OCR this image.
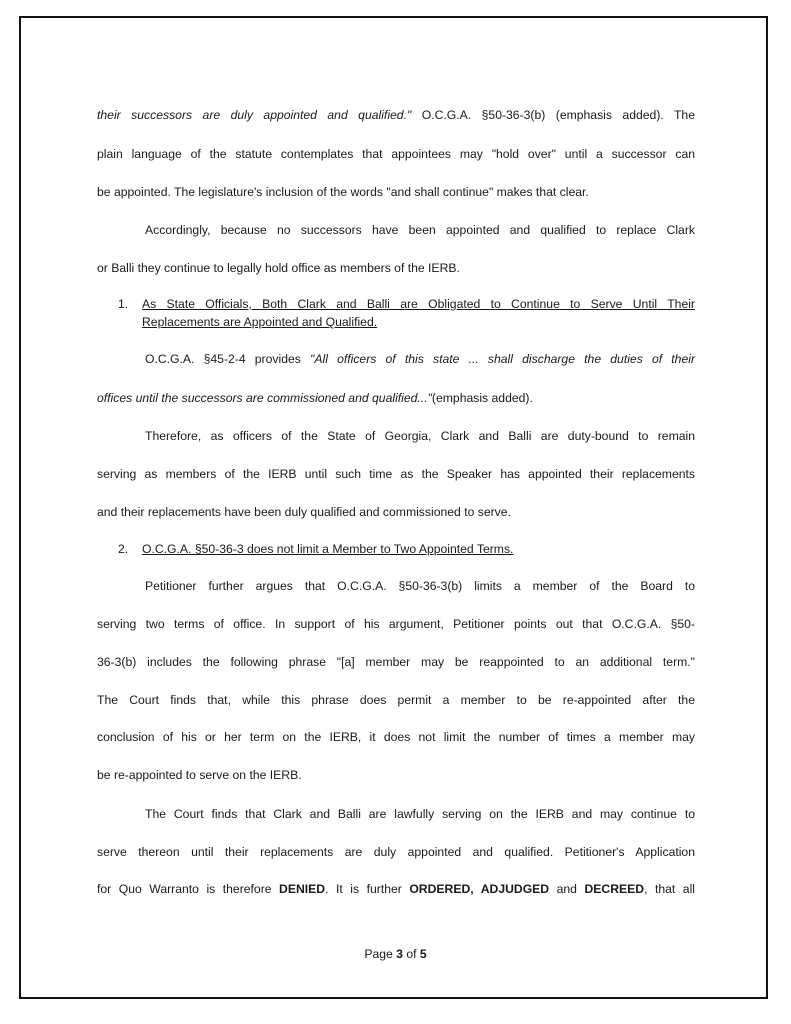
their successors are duly appointed and qualified." O.C.G.A. §50-36-3(b) (emphasis added). The
plain language of the statute contemplates that appointees may "hold over" until a successor can
be appointed. The legislature's inclusion of the words "and shall continue" makes that clear.
Accordingly, because no successors have been appointed and qualified to replace Clark
or Balli they continue to legally hold office as members of the IERB.
1. As State Officials, Both Clark and Balli are Obligated to Continue to Serve Until Their
Replacements are Appointed and Qualified.
O.C.G.A. §45-2-4 provides "All officers of this state ... shall discharge the duties of their
offices until the successors are commissioned and qualified..."(emphasis added).
Therefore, as officers of the State of Georgia, Clark and Balli are duty-bound to remain
serving as members of the IERB until such time as the Speaker has appointed their replacements
and their replacements have been duly qualified and commissioned to serve.
2. O.C.G.A. §50-36-3 does not limit a Member to Two Appointed Terms.
Petitioner further argues that O.C.G.A. §50-36-3(b) limits a member of the Board to
serving two terms of office. In support of his argument, Petitioner points out that O.C.G.A. §50-
36-3(b) includes the following phrase "[a] member may be reappointed to an additional term."
The Court finds that, while this phrase does permit a member to be re-appointed after the
conclusion of his or her term on the IERB, it does not limit the number of times a member may
be re-appointed to serve on the IERB.
The Court finds that Clark and Balli are lawfully serving on the IERB and may continue to
serve thereon until their replacements are duly appointed and qualified. Petitioner's Application
for Quo Warranto is therefore DENIED. It is further ORDERED, ADJUDGED and DECREED, that all
Page 3 of 5
